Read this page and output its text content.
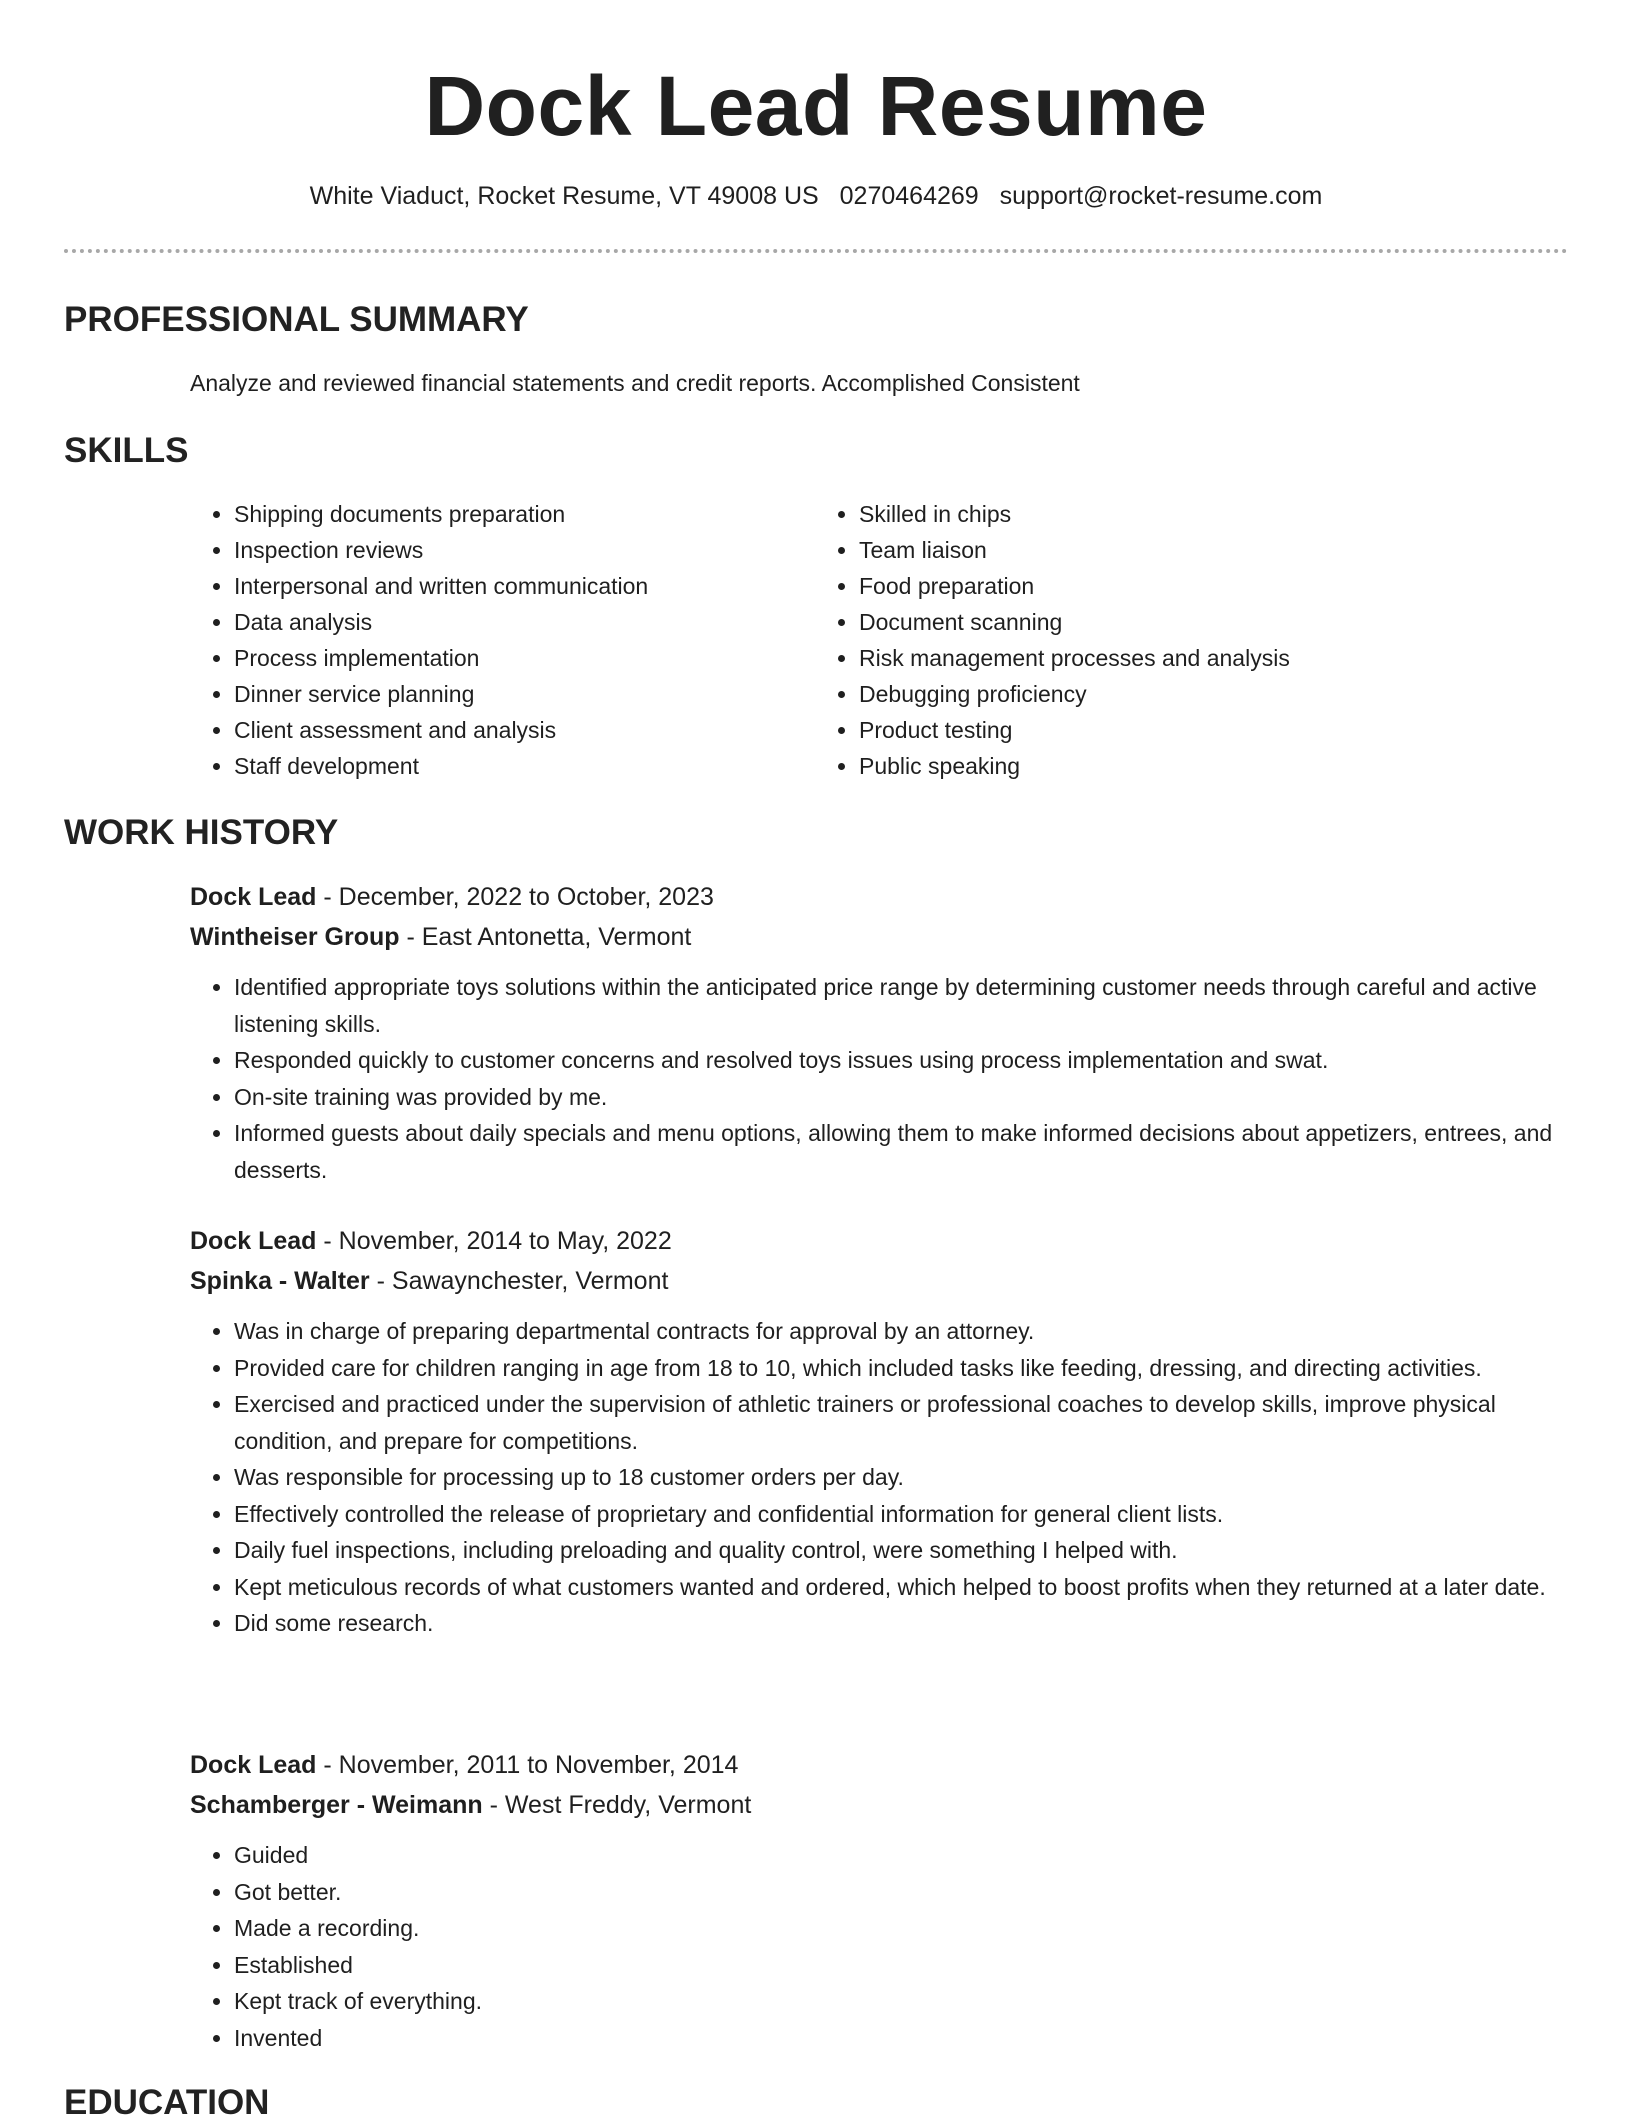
Dock Lead Resume
White Viaduct, Rocket Resume, VT 49008 US 0270464269 support@rocket-resume.com
PROFESSIONAL SUMMARY

Analyze and reviewed financial statements and credit reports. Accomplished Consistent

SKILLS
• Shipping documents preparation
• Inspection reviews
• Interpersonal and written communication
• Data analysis
• Process implementation
• Dinner service planning
• Client assessment and analysis
• Staff development
• Skilled in chips
• Team liaison
• Food preparation
• Document scanning
• Risk management processes and analysis
• Debugging proficiency
• Product testing
• Public speaking
WORK HISTORY

Dock Lead - December, 2022 to October, 2023

Wintheiser Group - East Antonetta, Vermont

• Identified appropriate toys solutions within the anticipated price range by determining customer needs through careful and active listening skills.
• Responded quickly to customer concerns and resolved toys issues using process implementation and swat.
• On-site training was provided by me.
• Informed guests about daily specials and menu options, allowing them to make informed decisions about appetizers, entrees, and desserts.

Dock Lead - November, 2014 to May, 2022

Spinka - Walter - Sawaynchester, Vermont

• Was in charge of preparing departmental contracts for approval by an attorney.
• Provided care for children ranging in age from 18 to 10, which included tasks like feeding, dressing, and directing activities.
• Exercised and practiced under the supervision of athletic trainers or professional coaches to develop skills, improve physical condition, and prepare for competitions.
• Was responsible for processing up to 18 customer orders per day.
• Effectively controlled the release of proprietary and confidential information for general client lists.
• Daily fuel inspections, including preloading and quality control, were something I helped with.
• Kept meticulous records of what customers wanted and ordered, which helped to boost profits when they returned at a later date.
• Did some research.

Dock Lead - November, 2011 to November, 2014

Schamberger - Weimann - West Freddy, Vermont

• Guided
• Got better.
• Made a recording.
• Established
• Kept track of everything.
• Invented
EDUCATION
